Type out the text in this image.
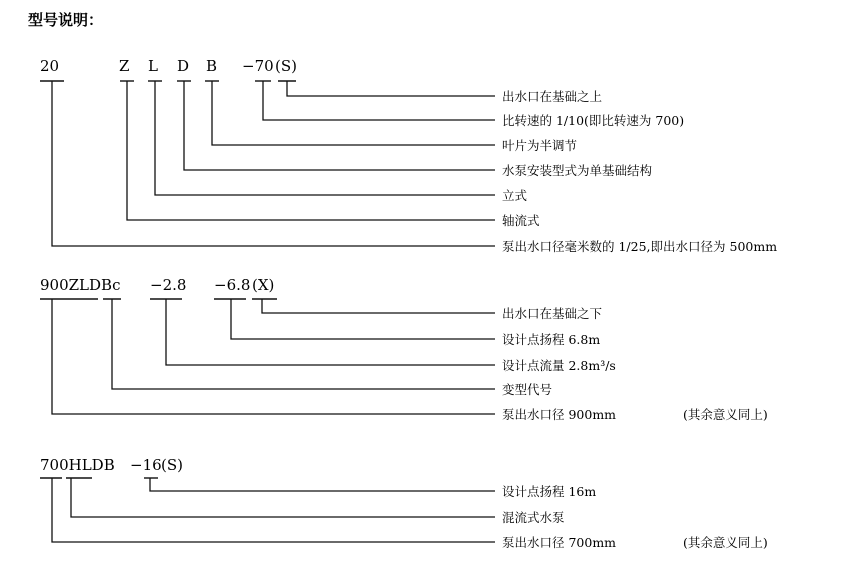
型号说明：
20	Z L D B −70 (S)
出水口在基础之上
比转速的 1/10(即比转速为 700)
叶片为半调节
水泵安装型式为单基础结构
立式
轴流式
泵出水口径毫米数的 1/25,即出水口径为 500mm
900ZLDBc −2.8 −6.8 (X)
出水口在基础之下
设计点扬程 6.8m
设计点流量 2.8m³/s
变型代号
泵出水口径 900mm	(其余意义同上)
700HLDB −16 (S)
设计点扬程 16m
混流式水泵
泵出水口径 700mm	(其余意义同上)
